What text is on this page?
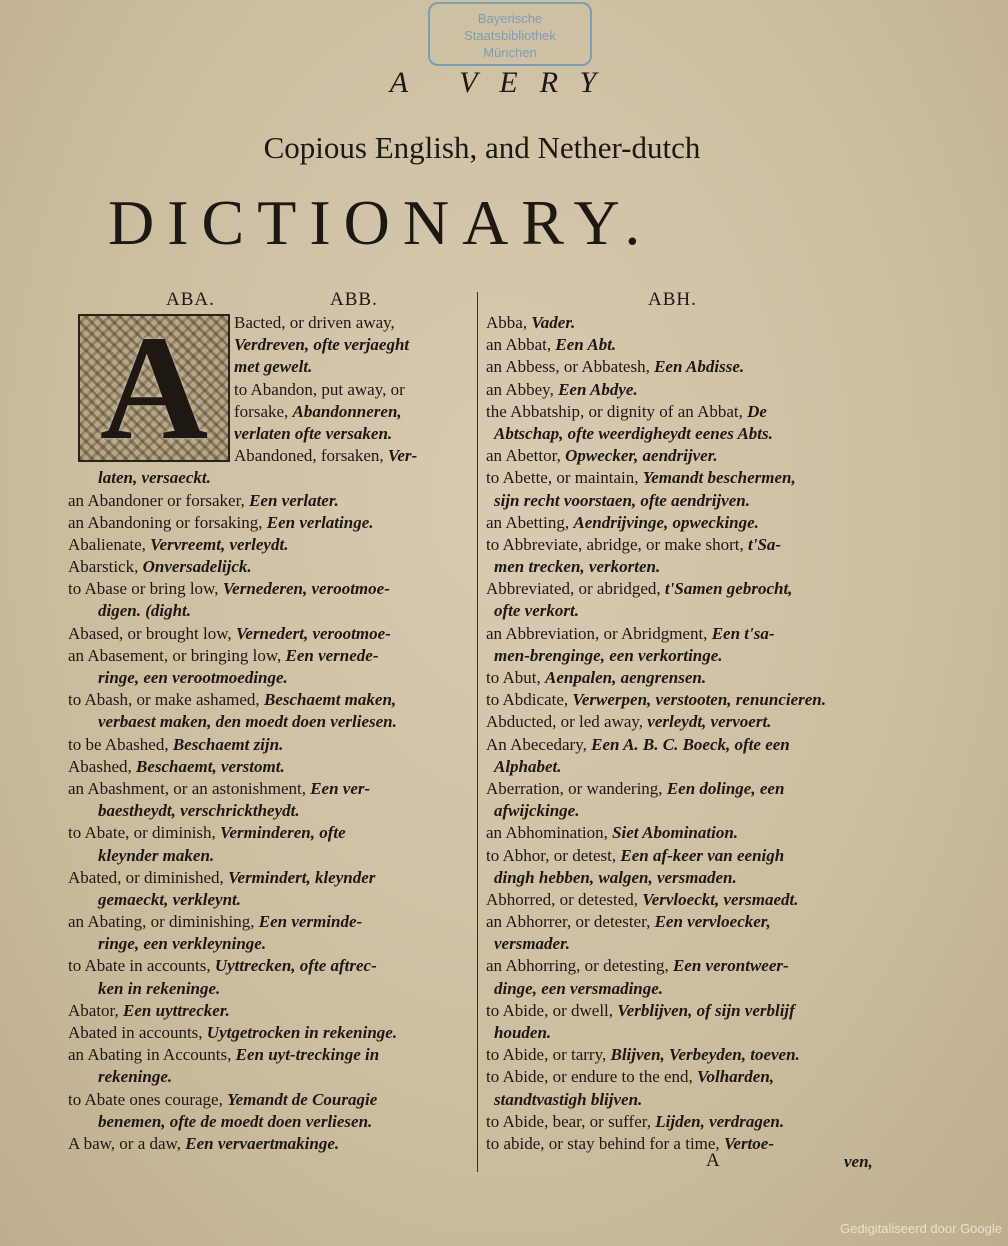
Bayerische
Staatsbibliothek
München
A VERY
Copious English, and Nether-dutch
DICTIONARY.
ABA.	ABB.	ABH.
A	Bacted, or driven away,
Verdreven, ofte verjaeght
met gewelt.
to Abandon, put away, or
forsake, Abandonneren,
verlaten ofte versaken.
Abandoned, forsaken, Ver-
laten, versaeckt.
an Abandoner or forsaker, Een verlater.
an Abandoning or forsaking, Een verlatinge.
Abalienate, Vervreemt, verleydt.
Abarstick, Onversadelijck.
to Abase or bring low, Vernederen, verootmoe-
digen. (dight.
Abased, or brought low, Vernedert, verootmoe-
an Abasement, or bringing low, Een vernede-
ringe, een verootmoedinge.
to Abash, or make ashamed, Beschaemt maken,
verbaest maken, den moedt doen verliesen.
to be Abashed, Beschaemt zijn.
Abashed, Beschaemt, verstomt.
an Abashment, or an astonishment, Een ver-
baestheydt, verschricktheydt.
to Abate, or diminish, Verminderen, ofte
kleynder maken.
Abated, or diminished, Vermindert, kleynder
gemaeckt, verkleynt.
an Abating, or diminishing, Een verminde-
ringe, een verkleyninge.
to Abate in accounts, Uyttrecken, ofte aftrec-
ken in rekeninge.
Abator, Een uyttrecker.
Abated in accounts, Uytgetrocken in rekeninge.
an Abating in Accounts, Een uyt-treckinge in
rekeninge.
to Abate ones courage, Yemandt de Couragie
benemen, ofte de moedt doen verliesen.
A baw, or a daw, Een vervaertmakinge.
Abba, Vader.
an Abbat, Een Abt.
an Abbess, or Abbatesh, Een Abdisse.
an Abbey, Een Abdye.
the Abbatship, or dignity of an Abbat, De
Abtschap, ofte weerdigheydt eenes Abts.
an Abettor, Opwecker, aendrijver.
to Abette, or maintain, Yemandt beschermen,
sijn recht voorstaen, ofte aendrijven.
an Abetting, Aendrijvinge, opweckinge.
to Abbreviate, abridge, or make short, t'Sa-
men trecken, verkorten.
Abbreviated, or abridged, t'Samen gebrocht,
ofte verkort.
an Abbreviation, or Abridgment, Een t'sa-
men-brenginge, een verkortinge.
to Abut, Aenpalen, aengrensen.
to Abdicate, Verwerpen, verstooten, renuncieren.
Abducted, or led away, verleydt, vervoert.
An Abecedary, Een A. B. C. Boeck, ofte een
Alphabet.
Aberration, or wandering, Een dolinge, een
afwijckinge.
an Abhomination, Siet Abomination.
to Abhor, or detest, Een af-keer van eenigh
dingh hebben, walgen, versmaden.
Abhorred, or detested, Vervloeckt, versmaedt.
an Abhorrer, or detester, Een vervloecker,
versmader.
an Abhorring, or detesting, Een verontweer-
dinge, een versmadinge.
to Abide, or dwell, Verblijven, of sijn verblijf
houden.
to Abide, or tarry, Blijven, Verbeyden, toeven.
to Abide, or endure to the end, Volharden,
standtvastigh blijven.
to Abide, bear, or suffer, Lijden, verdragen.
to abide, or stay behind for a time, Vertoe-
A	ven,
Gedigitaliseerd door Google
